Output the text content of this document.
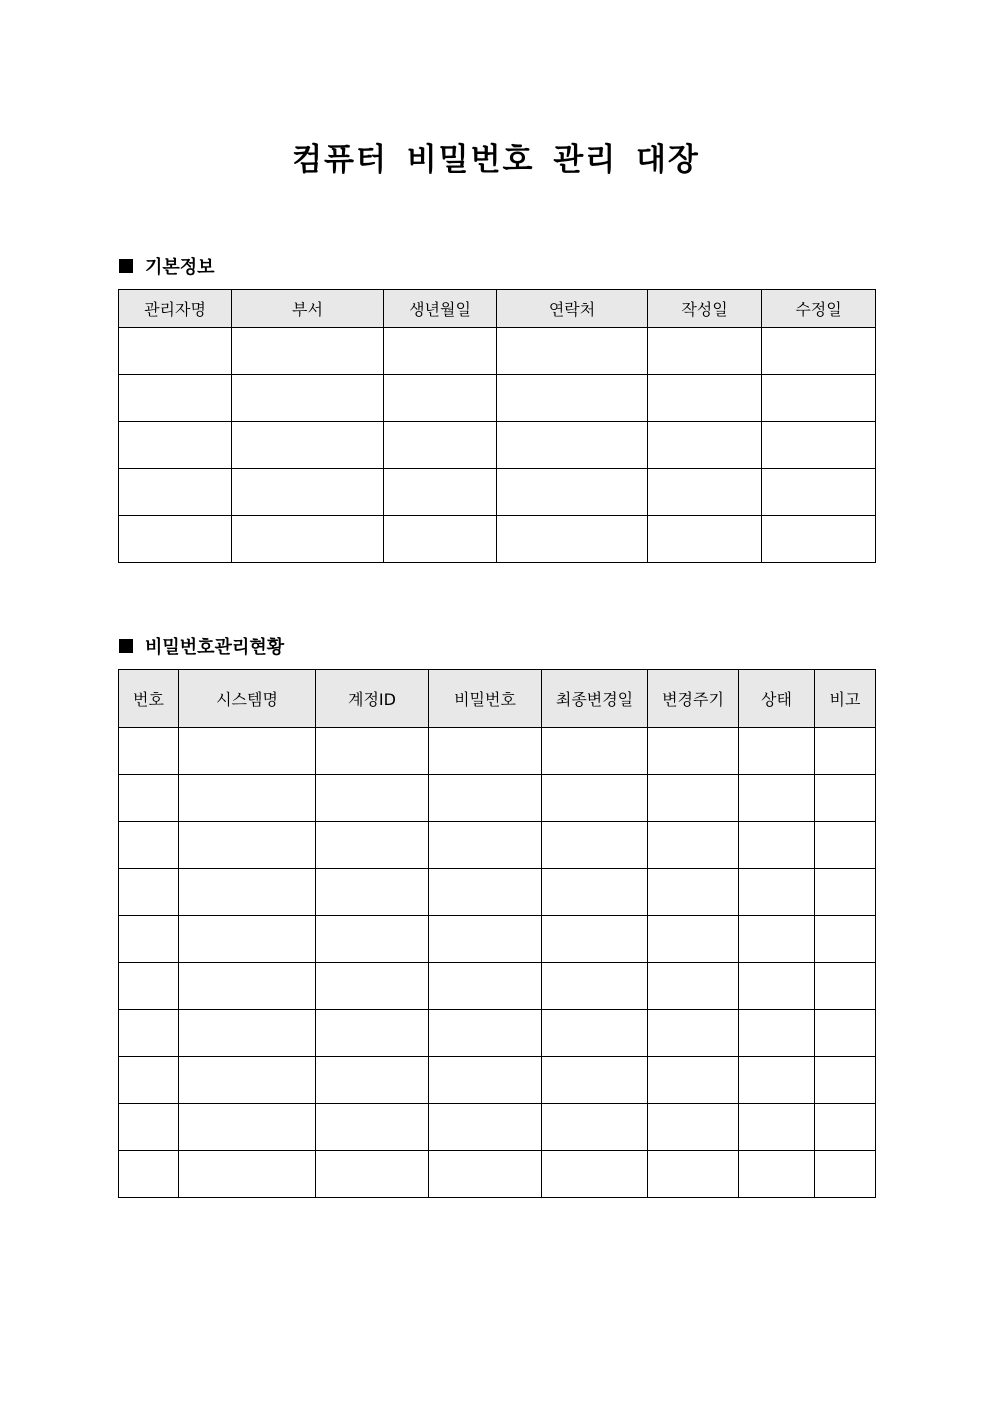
컴퓨터 비밀번호 관리 대장
기본정보
관리자명	부서	생년월일	연락처	작성일	수정일

비밀번호관리현황
번호	시스템명	계정ID	비밀번호	최종변경일	변경주기	상태	비고
